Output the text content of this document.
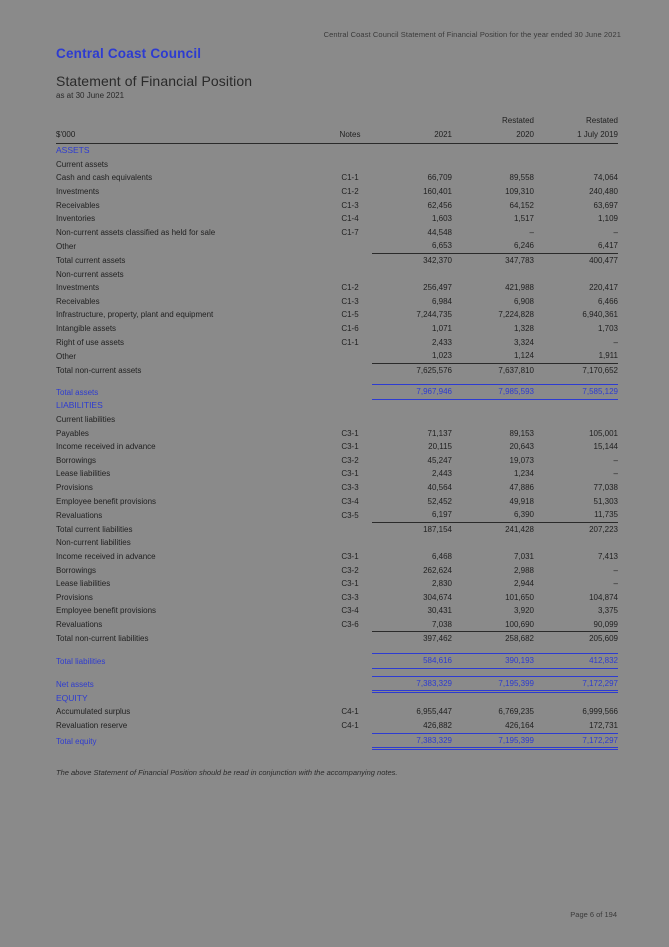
Central Coast Council Statement of Financial Position for the year ended 30 June 2021
Central Coast Council
Statement of Financial Position
as at 30 June 2021
			Restated	Restated
$'000	Notes	2021	2020	1 July 2019

ASSETS				
Current assets				
Cash and cash equivalents	C1-1	66,709	89,558	74,064
Investments	C1-2	160,401	109,310	240,480
Receivables	C1-3	62,456	64,152	63,697
Inventories	C1-4	1,603	1,517	1,109
Non-current assets classified as held for sale	C1-7	44,548	–	–
Other		6,653	6,246	6,417
Total current assets		342,370	347,783	400,477
Non-current assets				
Investments	C1-2	256,497	421,988	220,417
Receivables	C1-3	6,984	6,908	6,466
Infrastructure, property, plant and equipment	C1-5	7,244,735	7,224,828	6,940,361
Intangible assets	C1-6	1,071	1,328	1,703
Right of use assets	C1-1	2,433	3,324	–
Other		1,023	1,124	1,911
Total non-current assets		7,625,576	7,637,810	7,170,652

Total assets		7,967,946	7,985,593	7,585,129
LIABILITIES				
Current liabilities				
Payables	C3-1	71,137	89,153	105,001
Income received in advance	C3-1	20,115	20,643	15,144
Borrowings	C3-2	45,247	19,073	–
Lease liabilities	C3-1	2,443	1,234	–
Provisions	C3-3	40,564	47,886	77,038
Employee benefit provisions	C3-4	52,452	49,918	51,303
Revaluations	C3-5	6,197	6,390	11,735
Total current liabilities		187,154	241,428	207,223
Non-current liabilities				
Income received in advance	C3-1	6,468	7,031	7,413
Borrowings	C3-2	262,624	2,988	–
Lease liabilities	C3-1	2,830	2,944	–
Provisions	C3-3	304,674	101,650	104,874
Employee benefit provisions	C3-4	30,431	3,920	3,375
Revaluations	C3-6	7,038	100,690	90,099
Total non-current liabilities		397,462	258,682	205,609

Total liabilities		584,616	390,193	412,832

Net assets		7,383,329	7,195,399	7,172,297
EQUITY				
Accumulated surplus	C4-1	6,955,447	6,769,235	6,999,566
Revaluation reserve	C4-1	426,882	426,164	172,731
Total equity		7,383,329	7,195,399	7,172,297
The above Statement of Financial Position should be read in conjunction with the accompanying notes.
Page 6 of 194
